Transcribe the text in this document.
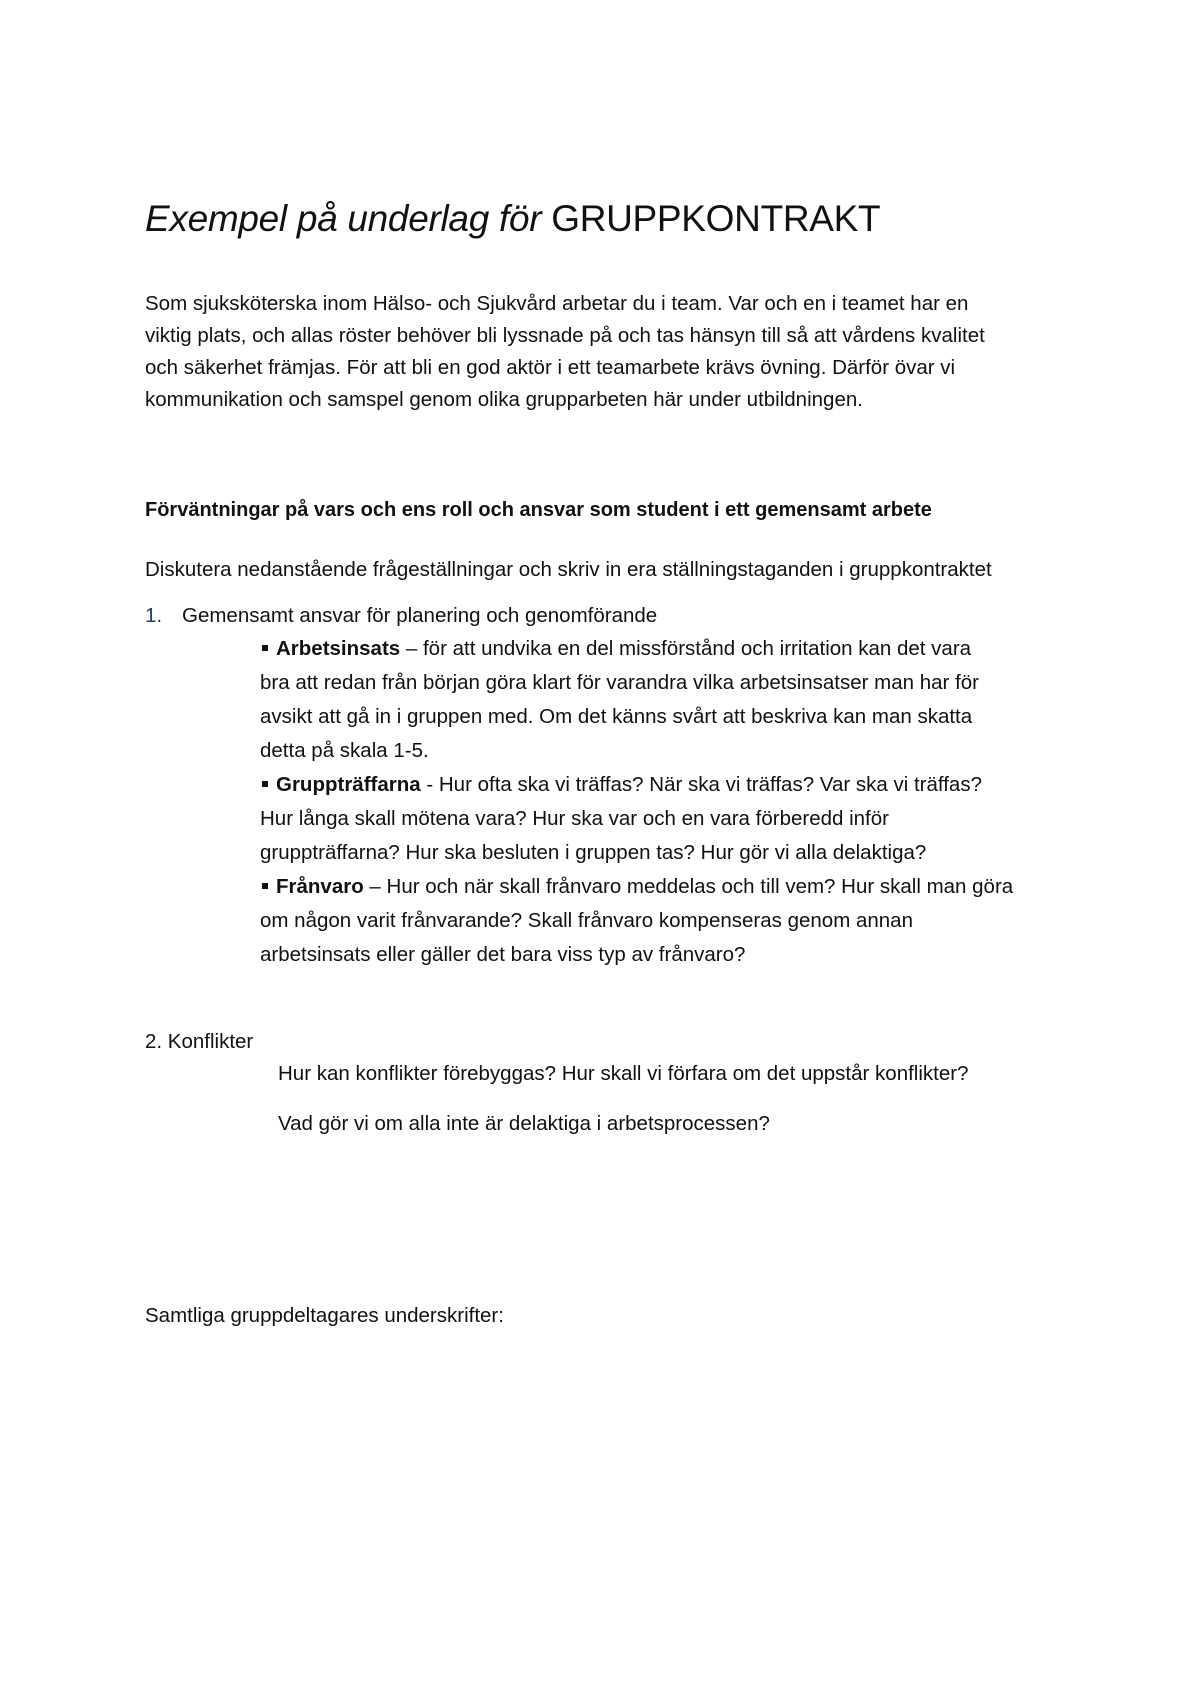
Exempel på underlag för GRUPPKONTRAKT
Som sjuksköterska inom Hälso- och Sjukvård arbetar du i team. Var och en i teamet har en
viktig plats, och allas röster behöver bli lyssnade på och tas hänsyn till så att vårdens kvalitet
och säkerhet främjas. För att bli en god aktör i ett teamarbete krävs övning. Därför övar vi
kommunikation och samspel genom olika grupparbeten här under utbildningen.
Förväntningar på vars och ens roll och ansvar som student i ett gemensamt arbete
Diskutera nedanstående frågeställningar och skriv in era ställningstaganden i gruppkontraktet
1. Gemensamt ansvar för planering och genomförande
Arbetsinsats – för att undvika en del missförstånd och irritation kan det vara
bra att redan från början göra klart för varandra vilka arbetsinsatser man har för
avsikt att gå in i gruppen med. Om det känns svårt att beskriva kan man skatta
detta på skala 1-5.
Gruppträffarna - Hur ofta ska vi träffas? När ska vi träffas? Var ska vi träffas?
Hur långa skall mötena vara? Hur ska var och en vara förberedd inför
gruppträffarna? Hur ska besluten i gruppen tas? Hur gör vi alla delaktiga?
Frånvaro – Hur och när skall frånvaro meddelas och till vem? Hur skall man göra
om någon varit frånvarande? Skall frånvaro kompenseras genom annan
arbetsinsats eller gäller det bara viss typ av frånvaro?
2. Konflikter
Hur kan konflikter förebyggas? Hur skall vi förfara om det uppstår konflikter?
Vad gör vi om alla inte är delaktiga i arbetsprocessen?
Samtliga gruppdeltagares underskrifter:
